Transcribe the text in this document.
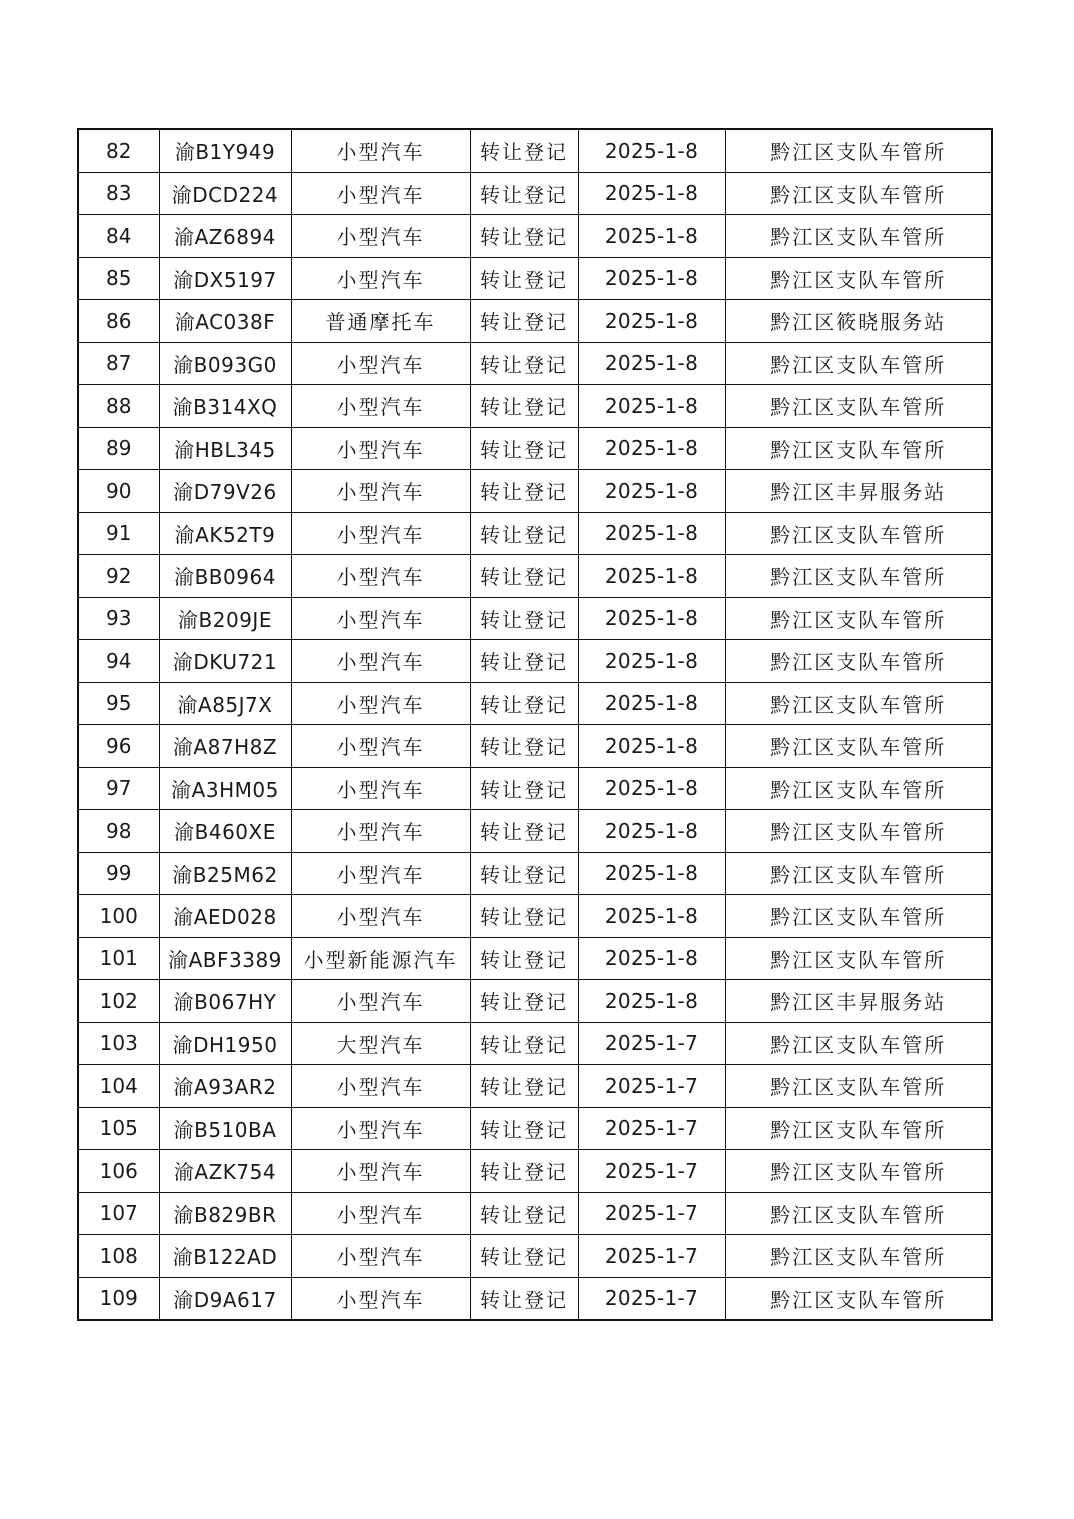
82	渝B1Y949	小型汽车	转让登记	2025-1-8	黔江区支队车管所
83	渝DCD224	小型汽车	转让登记	2025-1-8	黔江区支队车管所
84	渝AZ6894	小型汽车	转让登记	2025-1-8	黔江区支队车管所
85	渝DX5197	小型汽车	转让登记	2025-1-8	黔江区支队车管所
86	渝AC038F	普通摩托车	转让登记	2025-1-8	黔江区筱晓服务站
87	渝B093G0	小型汽车	转让登记	2025-1-8	黔江区支队车管所
88	渝B314XQ	小型汽车	转让登记	2025-1-8	黔江区支队车管所
89	渝HBL345	小型汽车	转让登记	2025-1-8	黔江区支队车管所
90	渝D79V26	小型汽车	转让登记	2025-1-8	黔江区丰昇服务站
91	渝AK52T9	小型汽车	转让登记	2025-1-8	黔江区支队车管所
92	渝BB0964	小型汽车	转让登记	2025-1-8	黔江区支队车管所
93	渝B209JE	小型汽车	转让登记	2025-1-8	黔江区支队车管所
94	渝DKU721	小型汽车	转让登记	2025-1-8	黔江区支队车管所
95	渝A85J7X	小型汽车	转让登记	2025-1-8	黔江区支队车管所
96	渝A87H8Z	小型汽车	转让登记	2025-1-8	黔江区支队车管所
97	渝A3HM05	小型汽车	转让登记	2025-1-8	黔江区支队车管所
98	渝B460XE	小型汽车	转让登记	2025-1-8	黔江区支队车管所
99	渝B25M62	小型汽车	转让登记	2025-1-8	黔江区支队车管所
100	渝AED028	小型汽车	转让登记	2025-1-8	黔江区支队车管所
101	渝ABF3389	小型新能源汽车	转让登记	2025-1-8	黔江区支队车管所
102	渝B067HY	小型汽车	转让登记	2025-1-8	黔江区丰昇服务站
103	渝DH1950	大型汽车	转让登记	2025-1-7	黔江区支队车管所
104	渝A93AR2	小型汽车	转让登记	2025-1-7	黔江区支队车管所
105	渝B510BA	小型汽车	转让登记	2025-1-7	黔江区支队车管所
106	渝AZK754	小型汽车	转让登记	2025-1-7	黔江区支队车管所
107	渝B829BR	小型汽车	转让登记	2025-1-7	黔江区支队车管所
108	渝B122AD	小型汽车	转让登记	2025-1-7	黔江区支队车管所
109	渝D9A617	小型汽车	转让登记	2025-1-7	黔江区支队车管所
